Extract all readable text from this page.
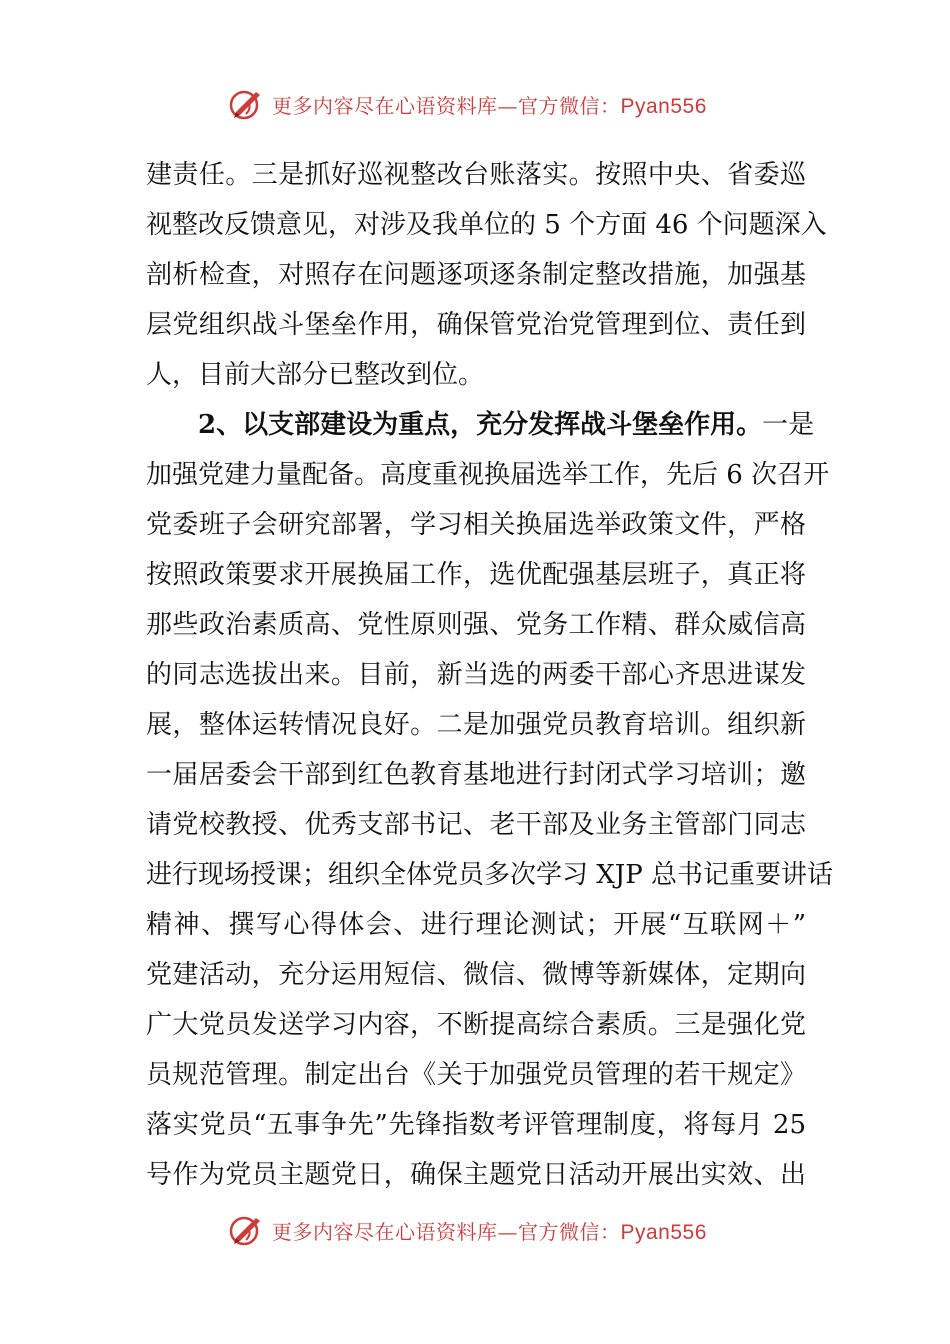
更多内容尽在心语资料库—官方微信：Pyan556
建责任。三是抓好巡视整改台账落实。按照中央、省委巡
视整改反馈意见，对涉及我单位的 5 个方面 46 个问题深入
剖析检查，对照存在问题逐项逐条制定整改措施，加强基
层党组织战斗堡垒作用，确保管党治党管理到位、责任到
人，目前大部分已整改到位。
2、以支部建设为重点，充分发挥战斗堡垒作用。一是
加强党建力量配备。高度重视换届选举工作，先后 6 次召开
党委班子会研究部署，学习相关换届选举政策文件，严格
按照政策要求开展换届工作，选优配强基层班子，真正将
那些政治素质高、党性原则强、党务工作精、群众威信高
的同志选拔出来。目前，新当选的两委干部心齐思进谋发
展，整体运转情况良好。二是加强党员教育培训。组织新
一届居委会干部到红色教育基地进行封闭式学习培训；邀
请党校教授、优秀支部书记、老干部及业务主管部门同志
进行现场授课；组织全体党员多次学习 XJP 总书记重要讲话
精神、撰写心得体会、进行理论测试；开展“互联网＋”
党建活动，充分运用短信、微信、微博等新媒体，定期向
广大党员发送学习内容，不断提高综合素质。三是强化党
员规范管理。制定出台《关于加强党员管理的若干规定》
落实党员“五事争先”先锋指数考评管理制度，将每月 25
号作为党员主题党日，确保主题党日活动开展出实效、出
更多内容尽在心语资料库—官方微信：Pyan556
